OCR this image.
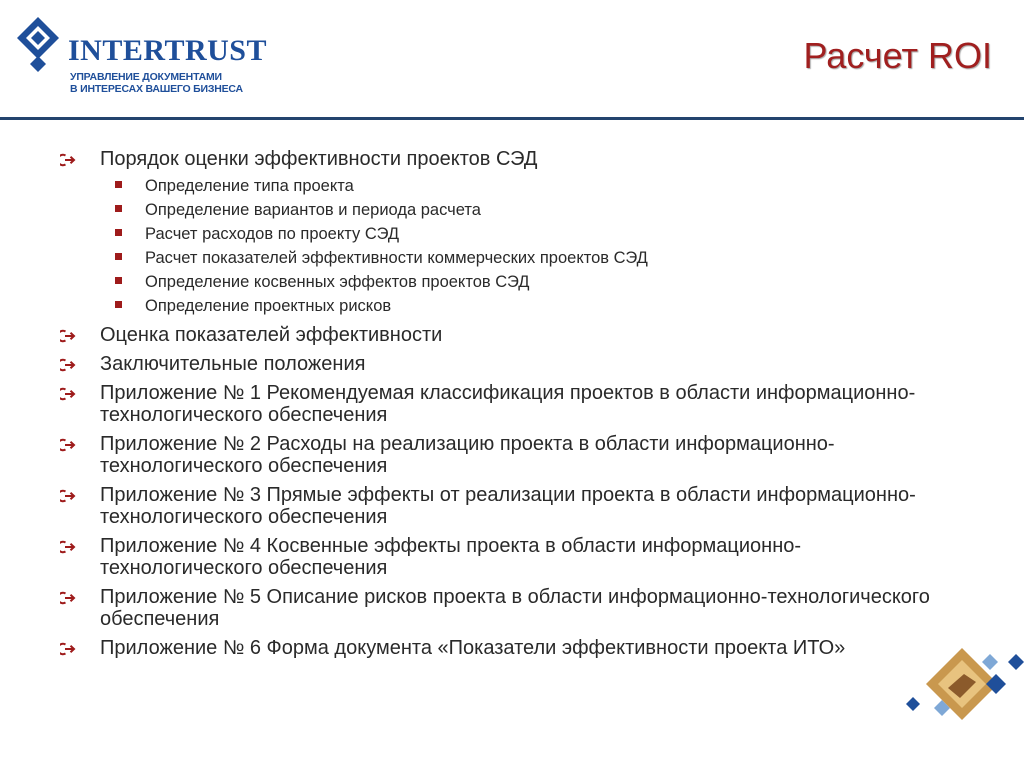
INTERTRUST
УПРАВЛЕНИЕ ДОКУМЕНТАМИ
В ИНТЕРЕСАХ ВАШЕГО БИЗНЕСА
Расчет ROI
Порядок оценки эффективности проектов СЭД
Определение типа проекта
Определение вариантов и периода расчета
Расчет расходов по проекту СЭД
Расчет показателей эффективности коммерческих проектов СЭД
Определение косвенных эффектов проектов СЭД
Определение проектных рисков
Оценка показателей эффективности
Заключительные положения
Приложение № 1 Рекомендуемая классификация проектов в области информационно-технологического обеспечения
Приложение № 2 Расходы на реализацию проекта в области информационно-технологического обеспечения
Приложение № 3 Прямые эффекты от реализации проекта в области информационно-технологического обеспечения
Приложение № 4 Косвенные эффекты проекта в области информационно-технологического обеспечения
Приложение № 5 Описание рисков проекта в области информационно-технологического обеспечения
Приложение № 6 Форма документа «Показатели эффективности проекта ИТО»
